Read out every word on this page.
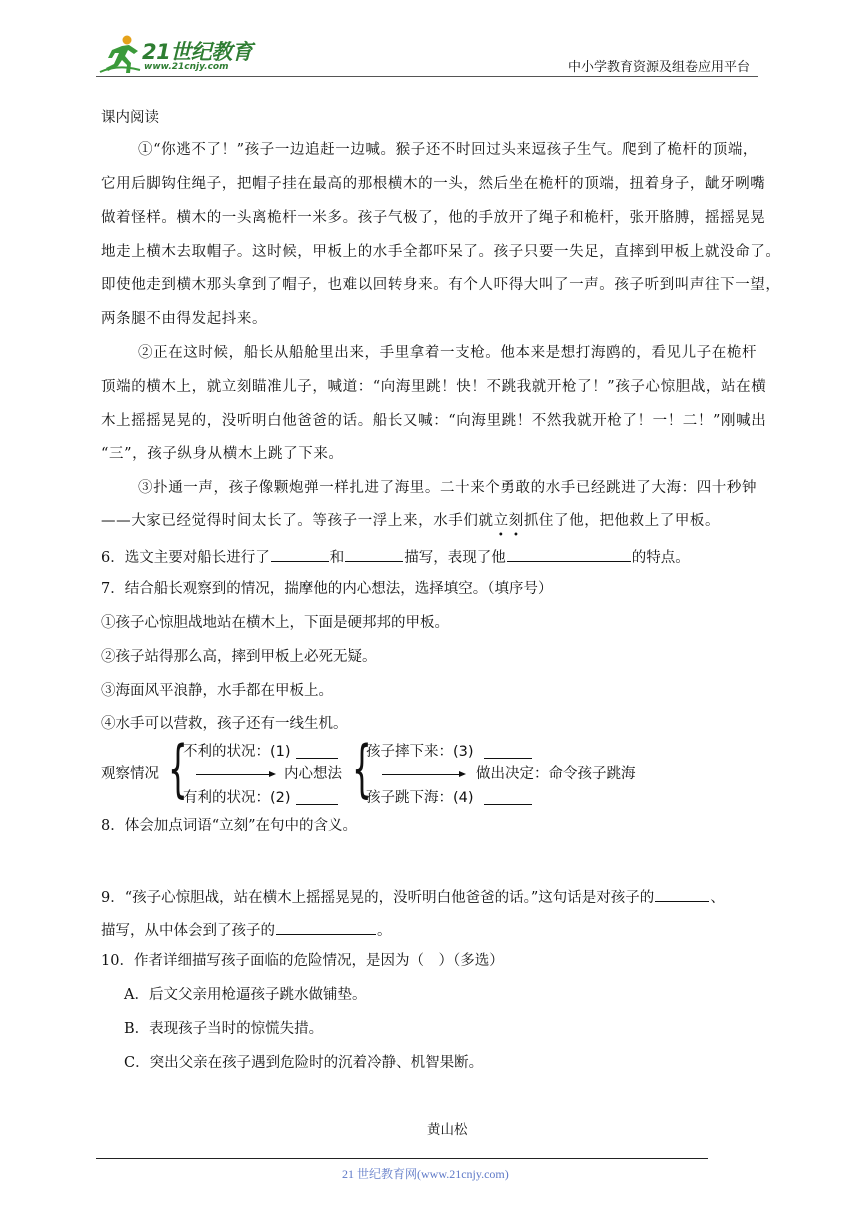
21世纪教育
www.21cnjy.com	中小学教育资源及组卷应用平台
课内阅读
①“你逃不了！”孩子一边追赶一边喊。猴子还不时回过头来逗孩子生气。爬到了桅杆的顶端，
它用后脚钩住绳子，把帽子挂在最高的那根横木的一头，然后坐在桅杆的顶端，扭着身子，龇牙咧嘴
做着怪样。横木的一头离桅杆一米多。孩子气极了，他的手放开了绳子和桅杆，张开胳膊，摇摇晃晃
地走上横木去取帽子。这时候，甲板上的水手全都吓呆了。孩子只要一失足，直摔到甲板上就没命了。
即使他走到横木那头拿到了帽子，也难以回转身来。有个人吓得大叫了一声。孩子听到叫声往下一望，
两条腿不由得发起抖来。
②正在这时候，船长从船舱里出来，手里拿着一支枪。他本来是想打海鸥的，看见儿子在桅杆
顶端的横木上，就立刻瞄准儿子，喊道：“向海里跳！快！不跳我就开枪了！”孩子心惊胆战，站在横
木上摇摇晃晃的，没听明白他爸爸的话。船长又喊：“向海里跳！不然我就开枪了！一！二！”刚喊出
“三”，孩子纵身从横木上跳了下来。
③扑通一声，孩子像颗炮弹一样扎进了海里。二十来个勇敢的水手已经跳进了大海：四十秒钟
——大家已经觉得时间太长了。等孩子一浮上来，水手们就立刻抓住了他，把他救上了甲板。
6．选文主要对船长进行了	和	描写，表现了他	的特点。
7．结合船长观察到的情况，揣摩他的内心想法，选择填空。（填序号）
①孩子心惊胆战地站在横木上，下面是硬邦邦的甲板。
②孩子站得那么高，摔到甲板上必死无疑。
③海面风平浪静，水手都在甲板上。
④水手可以营救，孩子还有一线生机。
观察情况 {
不利的状况：(1)
内心想法
有利的状况：(2) {
孩子摔下来：(3)
做出决定：命令孩子跳海
孩子跳下海：(4)
8．体会加点词语“立刻”在句中的含义。
9．“孩子心惊胆战，站在横木上摇摇晃晃的，没听明白他爸爸的话。”这句话是对孩子的	、
描写，从中体会到了孩子的	。
10．作者详细描写孩子面临的危险情况，是因为（　）（多选）
A．后文父亲用枪逼孩子跳水做铺垫。
B．表现孩子当时的惊慌失措。
C．突出父亲在孩子遇到危险时的沉着冷静、机智果断。
黄山松
21 世纪教育网(www.21cnjy.com)
